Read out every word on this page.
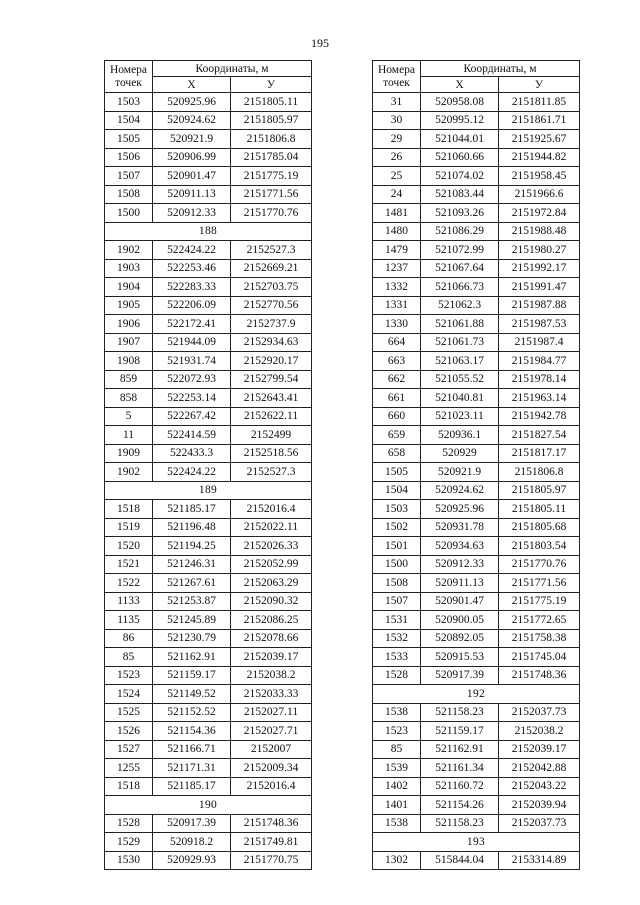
195
Номера
точек	Координаты, м	
	X	У
1503	520925.96	2151805.11
1504	520924.62	2151805.97
1505	520921.9	2151806.8
1506	520906.99	2151785.04
1507	520901.47	2151775.19
1508	520911.13	2151771.56
1500	520912.33	2151770.76
188		
1902	522424.22	2152527.3
1903	522253.46	2152669.21
1904	522283.33	2152703.75
1905	522206.09	2152770.56
1906	522172.41	2152737.9
1907	521944.09	2152934.63
1908	521931.74	2152920.17
859	522072.93	2152799.54
858	522253.14	2152643.41
5	522267.42	2152622.11
11	522414.59	2152499
1909	522433.3	2152518.56
1902	522424.22	2152527.3
189		
1518	521185.17	2152016.4
1519	521196.48	2152022.11
1520	521194.25	2152026.33
1521	521246.31	2152052.99
1522	521267.61	2152063.29
1133	521253.87	2152090.32
1135	521245.89	2152086.25
86	521230.79	2152078.66
85	521162.91	2152039.17
1523	521159.17	2152038.2
1524	521149.52	2152033.33
1525	521152.52	2152027.11
1526	521154.36	2152027.71
1527	521166.71	2152007
1255	521171.31	2152009.34
1518	521185.17	2152016.4
190		
1528	520917.39	2151748.36
1529	520918.2	2151749.81
1530	520929.93	2151770.75
Номера
точек	Координаты, м	
	X	У
31	520958.08	2151811.85
30	520995.12	2151861.71
29	521044.01	2151925.67
26	521060.66	2151944.82
25	521074.02	2151958.45
24	521083.44	2151966.6
1481	521093.26	2151972.84
1480	521086.29	2151988.48
1479	521072.99	2151980.27
1237	521067.64	2151992.17
1332	521066.73	2151991.47
1331	521062.3	2151987.88
1330	521061.88	2151987.53
664	521061.73	2151987.4
663	521063.17	2151984.77
662	521055.52	2151978.14
661	521040.81	2151963.14
660	521023.11	2151942.78
659	520936.1	2151827.54
658	520929	2151817.17
1505	520921.9	2151806.8
1504	520924.62	2151805.97
1503	520925.96	2151805.11
1502	520931.78	2151805.68
1501	520934.63	2151803.54
1500	520912.33	2151770.76
1508	520911.13	2151771.56
1507	520901.47	2151775.19
1531	520900.05	2151772.65
1532	520892.05	2151758.38
1533	520915.53	2151745.04
1528	520917.39	2151748.36
192		
1538	521158.23	2152037.73
1523	521159.17	2152038.2
85	521162.91	2152039.17
1539	521161.34	2152042.88
1402	521160.72	2152043.22
1401	521154.26	2152039.94
1538	521158.23	2152037.73
193		
1302	515844.04	2153314.89
